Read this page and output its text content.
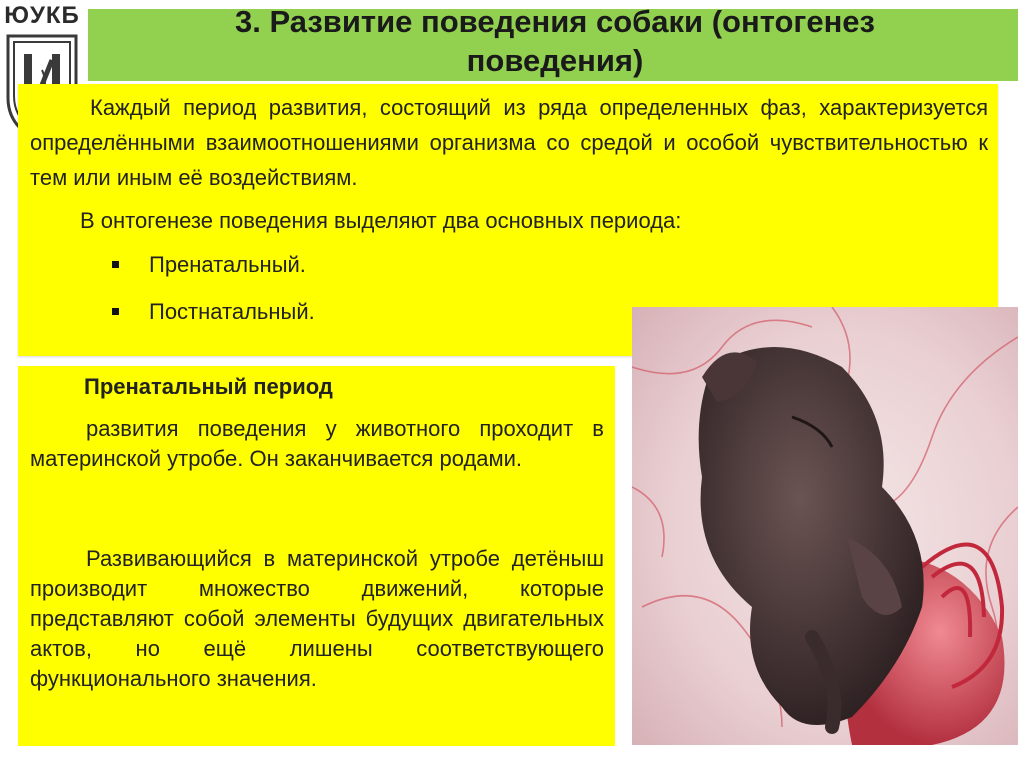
ЮУКБ	3. Развитие поведения собаки (онтогенез
поведения)

Каждый период развития, состоящий из ряда определенных фаз, характеризуется определёнными взаимоотношениями организма со средой и особой чувствительностью к тем или иным её воздействиям.

В онтогенезе поведения выделяют два основных периода:

Пренатальный.
Постнатальный.
Пренатальный период

развития поведения у животного проходит в материнской утробе. Он заканчивается родами.

Развивающийся в материнской утробе детёныш производит множество движений, которые представляют собой элементы будущих двигательных актов, но ещё лишены соответствующего функционального значения.
